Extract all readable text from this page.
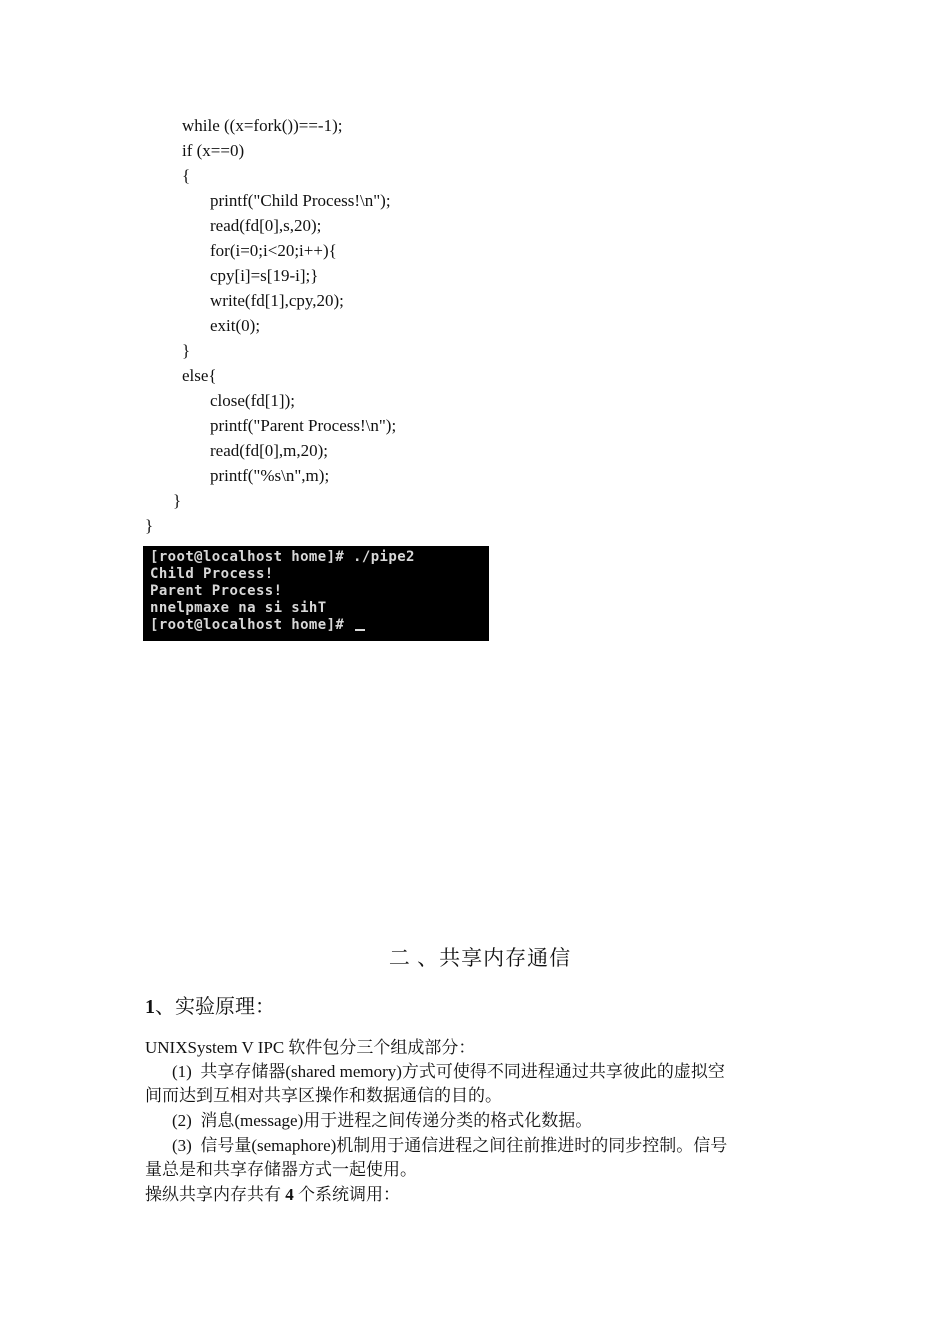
while ((x=fork())==-1);
if (x==0)
{
printf("Child Process!\n");
read(fd[0],s,20);
for(i=0;i<20;i++){
cpy[i]=s[19-i];}
write(fd[1],cpy,20);
exit(0);
}
else{
close(fd[1]);
printf("Parent Process!\n");
read(fd[0],m,20);
printf("%s\n",m);
}
}
[root@localhost home]# ./pipe2
Child Process!
Parent Process!
nnelpmaxe na si sihT
[root@localhost home]#
二 、共享内存通信
1、实验原理：
UNIXSystem V IPC 软件包分三个组成部分：
(1)  共享存储器(shared memory)方式可使得不同进程通过共享彼此的虚拟空
间而达到互相对共享区操作和数据通信的目的。
(2)  消息(message)用于进程之间传递分类的格式化数据。
(3)  信号量(semaphore)机制用于通信进程之间往前推进时的同步控制。信号
量总是和共享存储器方式一起使用。
操纵共享内存共有 4 个系统调用：
